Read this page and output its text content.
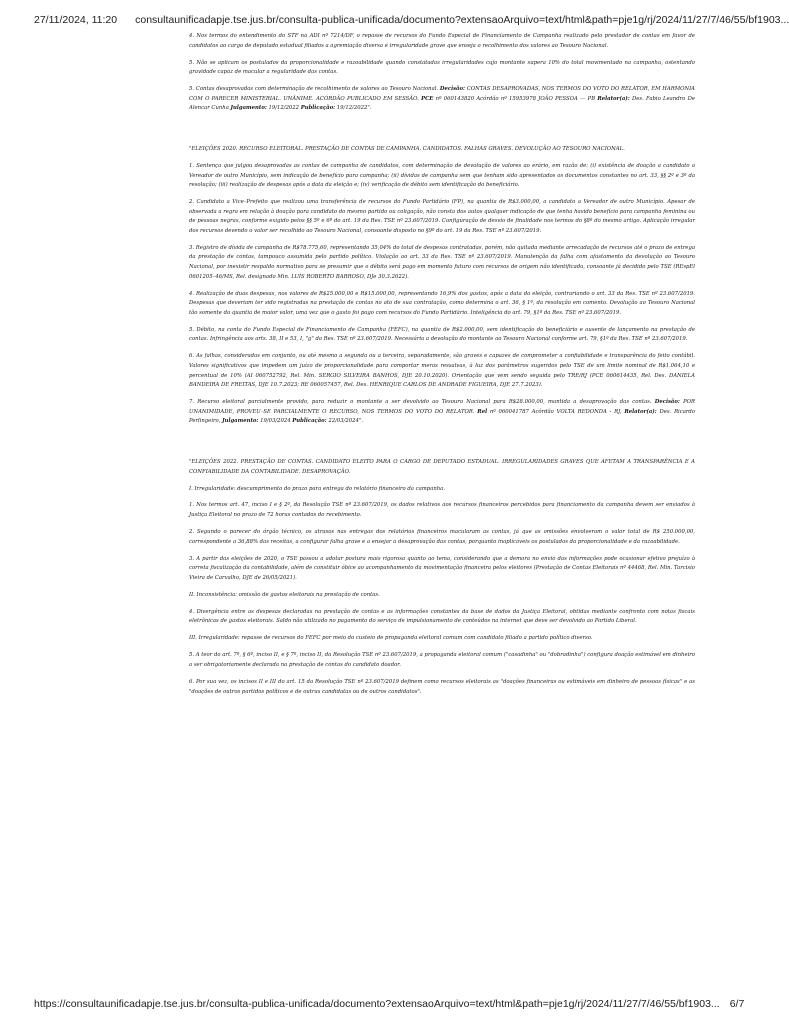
27/11/2024, 11:20 consultaunificadapje.tse.jus.br/consulta-publica-unificada/documento?extensaoArquivo=text/html&path=pje1g/rj/2024/11/27/7/46/55/bf1903...

4. Nos termos do entendimento do STF na ADI nº 7214/DF, o repasse de recursos do Fundo Especial de Financiamento de Campanha realizado pelo prestador de contas em favor de candidatos ao cargo de deputado estadual filiados a agremiação diversa é irregularidade grave que enseja o recolhimento dos valores ao Tesouro Nacional.

5. Não se aplicam os postulados da proporcionalidade e razoabilidade quando constatadas irregularidades cujo montante supera 10% do total movimentado na campanha, ostentando gravidade capaz de macular a regularidade das contas.

5. Contas desaprovadas com determinação de recolhimento de valores ao Tesouro Nacional. Decisão: CONTAS DESAPROVADAS, NOS TERMOS DO VOTO DO RELATOR, EM HARMONIA COM O PARECER MINISTERIAL. UNÂNIME. ACÓRDÃO PUBLICADO EM SESSÃO. PCE nº 060143820 Acórdão nº 15953978 JOÃO PESSOA — PB Relator(a): Des. Fabio Leandro De Alencar Cunha Julgamento: 19/12/2022 Publicação: 19/12/2022".

"ELEIÇÕES 2020. RECURSO ELEITORAL. PRESTAÇÃO DE CONTAS DE CAMPANHA. CANDIDATOS. FALHAS GRAVES. DEVOLUÇÃO AO TESOURO NACIONAL.

1. Sentença que julgou desaprovadas as contas de campanha de candidatos, com determinação de devolução de valores ao erário, em razão de: (i) existência de doação a candidato a Vereador de outro Município, sem indicação de benefício para campanha; (ii) dívidas de campanha sem que tenham sido apresentados os documentos constantes no art. 33, §§ 2º e 3º da resolução; (iii) realização de despesas após a data da eleição e; (iv) verificação de débito sem identificação do beneficiário.

2. Candidato a Vice–Prefeito que realizou uma transferência de recursos do Fundo Partidário (FP), na quantia de R$3.000,00, a candidato a Vereador de outro Município. Apesar de observada a regra em relação à doação para candidato do mesmo partido ou coligação, não consta dos autos qualquer indicação de que tenha havido benefício para campanha feminina ou de pessoas negras, conforme exigido pelos §§ 5º e 6º do art. 19 da Res. TSE nº 23.607/2019. Configuração de desvio de finalidade nos termos do §8º do mesmo artigo. Aplicação irregular dos recursos devendo o valor ser recolhido ao Tesouro Nacional, consoante disposto no §9º do art. 19 da Res. TSE nº 23.607/2019.

3. Registro de dívida de campanha de R$78.775,60, representando 35,04% do total de despesas contratadas, porém, não quitada mediante arrecadação de recursos até o prazo de entrega da prestação de contas, tampouco assumida pelo partido político. Violação ao art. 33 da Res. TSE nº 23.607/2019. Manutenção da falha com afastamento da devolução ao Tesouro Nacional, por inexistir respaldo normativo para se presumir que o débito será pago em momento futuro com recursos de origem não identificada, consoante já decidido pelo TSE (REspEl 0601205–46/MS, Rel. designado Min. LUÍS ROBERTO BARROSO, DJe 30.3.2022).

4. Realização de duas despesas, nos valores de R$25.000,00 e R$15.000,00, representando 16,9% dos gastos, após a data da eleição, contrariando o art. 33 da Res. TSE nº 23.607/2019. Despesas que deveriam ter sido registradas na prestação de contas no ato de sua contratação, como determina o art. 36, § 1º, da resolução em comento. Devolução ao Tesouro Nacional tão somente da quantia de maior valor, uma vez que o gasto foi pago com recursos do Fundo Partidário. Inteligência do art. 79, §1º da Res. TSE nº 23.607/2019.

5. Débito, na conta do Fundo Especial de Financiamento de Campanha (FEFC), na quantia de R$2.000,00, sem identificação do beneficiário e ausente de lançamento na prestação de contas. Infringência aos arts. 38, II e 53, I, "g" da Res. TSE nº 23.607/2019. Necessária a devolução do montante ao Tesouro Nacional conforme art. 79, §1º da Res. TSE nº 23.607/2019.

6. As falhas, consideradas em conjunto, ou até mesmo a segunda ou a terceira, separadamente, são graves e capazes de comprometer a confiabilidade e transparência do feito contábil. Valores significativos que impedem um juízo de proporcionalidade para comportar meras ressalvas, à luz dos parâmetros sugeridos pelo TSE de um limite nominal de R$1.064,10 e percentual de 10% (AI 060752792, Rel. Min. SERGIO SILVEIRA BANHOS, DJE 20.10.2020). Orientação que vem sendo seguida pelo TRE/RJ (PCE 060614435, Rel. Des. DANIELA BANDEIRA DE FREITAS, DJE 10.7.2023; RE 060057457, Rel. Des. HENRIQUE CARLOS DE ANDRADE FIGUEIRA, DJE 27.7.2023).

7. Recurso eleitoral parcialmente provido, para reduzir o montante a ser devolvido ao Tesouro Nacional para R$28.000,00, mantida a desaprovação das contas. Decisão: POR UNANIMIDADE, PROVEU–SE PARCIALMENTE O RECURSO, NOS TERMOS DO VOTO DO RELATOR. Rel nº 060041787 Acórdão VOLTA REDONDA - RJ, Relator(a): Des. Ricardo Perlingeiro, Julgamento: 19/03/2024 Publicação: 22/03/2024".

"ELEIÇÕES 2022. PRESTAÇÃO DE CONTAS. CANDIDATO ELEITO PARA O CARGO DE DEPUTADO ESTADUAL. IRREGULARIDADES GRAVES QUE AFETAM A TRANSPARÊNCIA E A CONFIABILIDADE DA CONTABILIDADE. DESAPROVAÇÃO.

I. Irregularidade: descumprimento do prazo para entrega do relatório financeiro da campanha.

1. Nos termos art. 47, inciso I e § 2º, da Resolução TSE nº 23.607/2019, os dados relativos aos recursos financeiros percebidos para financiamento da campanha devem ser enviados à Justiça Eleitoral no prazo de 72 horas contados do recebimento.

2. Segundo o parecer do órgão técnico, os atrasos nas entregas dos relatórios financeiros macularam as contas, já que as omissões envolveram o valor total de R$ 250.000,00, correspondente a 36,88% das receitas, a configurar falha grave e a ensejar a desaprovação das contas, porquanto inaplicáveis os postulados da proporcionalidade e da razoabilidade.

3. A partir das eleições de 2020, o TSE passou a adotar postura mais rigorosa quanto ao tema, considerando que a demora no envio das informações pode ocasionar efetivo prejuízo à correta fiscalização da contabilidade, além de constituir óbice ao acompanhamento da movimentação financeira pelos eleitores (Prestação de Contas Eleitorais nº 44468, Rel. Min. Tarcisio Vieira de Carvalho, DJE de 26/05/2021).

II. Inconsistência: omissão de gastos eleitorais na prestação de contas.

4. Divergência entre as despesas declaradas na prestação de contas e as informações constantes da base de dados da Justiça Eleitoral, obtidas mediante confronto com notas fiscais eletrônicas de gastos eleitorais. Saldo não utilizado no pagamento do serviço de impulsionamento de conteúdos na internet que deve ser devolvido ao Partido Liberal.

III. Irregularidade: repasse de recursos do FEFC por meio do custeio de propaganda eleitoral comum com candidato filiado a partido político diverso.

5. A teor do art. 7º, § 6º, inciso II, e § 7º, inciso II, da Resolução TSE nº 23.607/2019, a propaganda eleitoral comum ("casadinha" ou "dobradinha") configura doação estimável em dinheiro a ser obrigatoriamente declarada na prestação de contas do candidato doador.

6. Por sua vez, os incisos II e III do art. 15 da Resolução TSE nº 23.607/2019 definem como recursos eleitorais as "doações financeiras ou estimáveis em dinheiro de pessoas físicas" e as "doações de outros partidos políticos e de outras candidatas ou de outros candidatos".

https://consultaunificadapje.tse.jus.br/consulta-publica-unificada/documento?extensaoArquivo=text/html&path=pje1g/rj/2024/11/27/7/46/55/bf1903... 6/7
